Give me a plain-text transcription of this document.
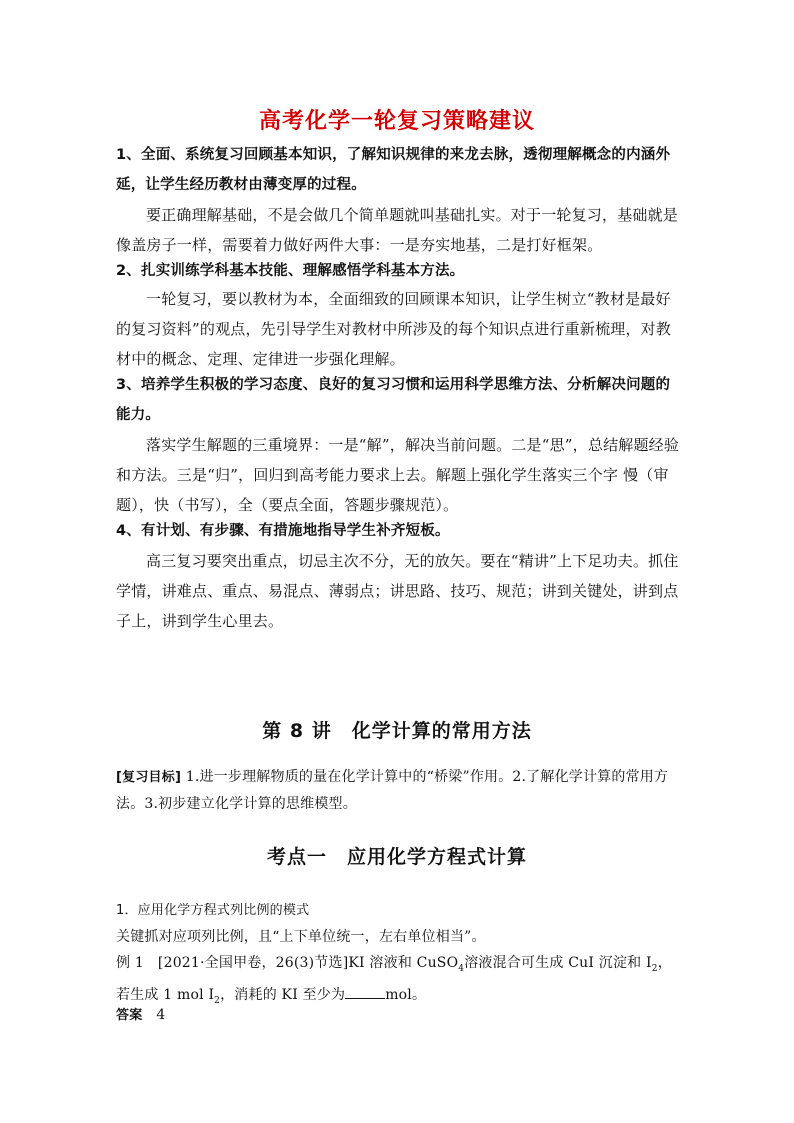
高考化学一轮复习策略建议
1、全面、系统复习回顾基本知识，了解知识规律的来龙去脉，透彻理解概念的内涵外延，让学生经历教材由薄变厚的过程。
要正确理解基础，不是会做几个简单题就叫基础扎实。对于一轮复习，基础就是像盖房子一样，需要着力做好两件大事：一是夯实地基，二是打好框架。
2、扎实训练学科基本技能、理解感悟学科基本方法。
一轮复习，要以教材为本，全面细致的回顾课本知识，让学生树立“教材是最好的复习资料”的观点，先引导学生对教材中所涉及的每个知识点进行重新梳理，对教材中的概念、定理、定律进一步强化理解。
3、培养学生积极的学习态度、良好的复习习惯和运用科学思维方法、分析解决问题的能力。
落实学生解题的三重境界：一是“解”，解决当前问题。二是“思”，总结解题经验和方法。三是“归”，回归到高考能力要求上去。解题上强化学生落实三个字 慢（审题），快（书写），全（要点全面，答题步骤规范）。
4、有计划、有步骤、有措施地指导学生补齐短板。
高三复习要突出重点，切忌主次不分，无的放矢。要在“精讲”上下足功夫。抓住学情，讲难点、重点、易混点、薄弱点；讲思路、技巧、规范；讲到关键处，讲到点子上，讲到学生心里去。
第 8 讲　化学计算的常用方法
[复习目标] 1.进一步理解物质的量在化学计算中的“桥梁”作用。2.了解化学计算的常用方法。3.初步建立化学计算的思维模型。
考点一　应用化学方程式计算
1．应用化学方程式列比例的模式
关键抓对应项列比例，且“上下单位统一，左右单位相当”。
例 1 [2021·全国甲卷，26(3)节选]KI 溶液和 CuSO$_4$溶液混合可生成 CuI 沉淀和 $I_2$，若生成 1 mol $I_2$，消耗的 KI 至少为	mol。
答案 4
